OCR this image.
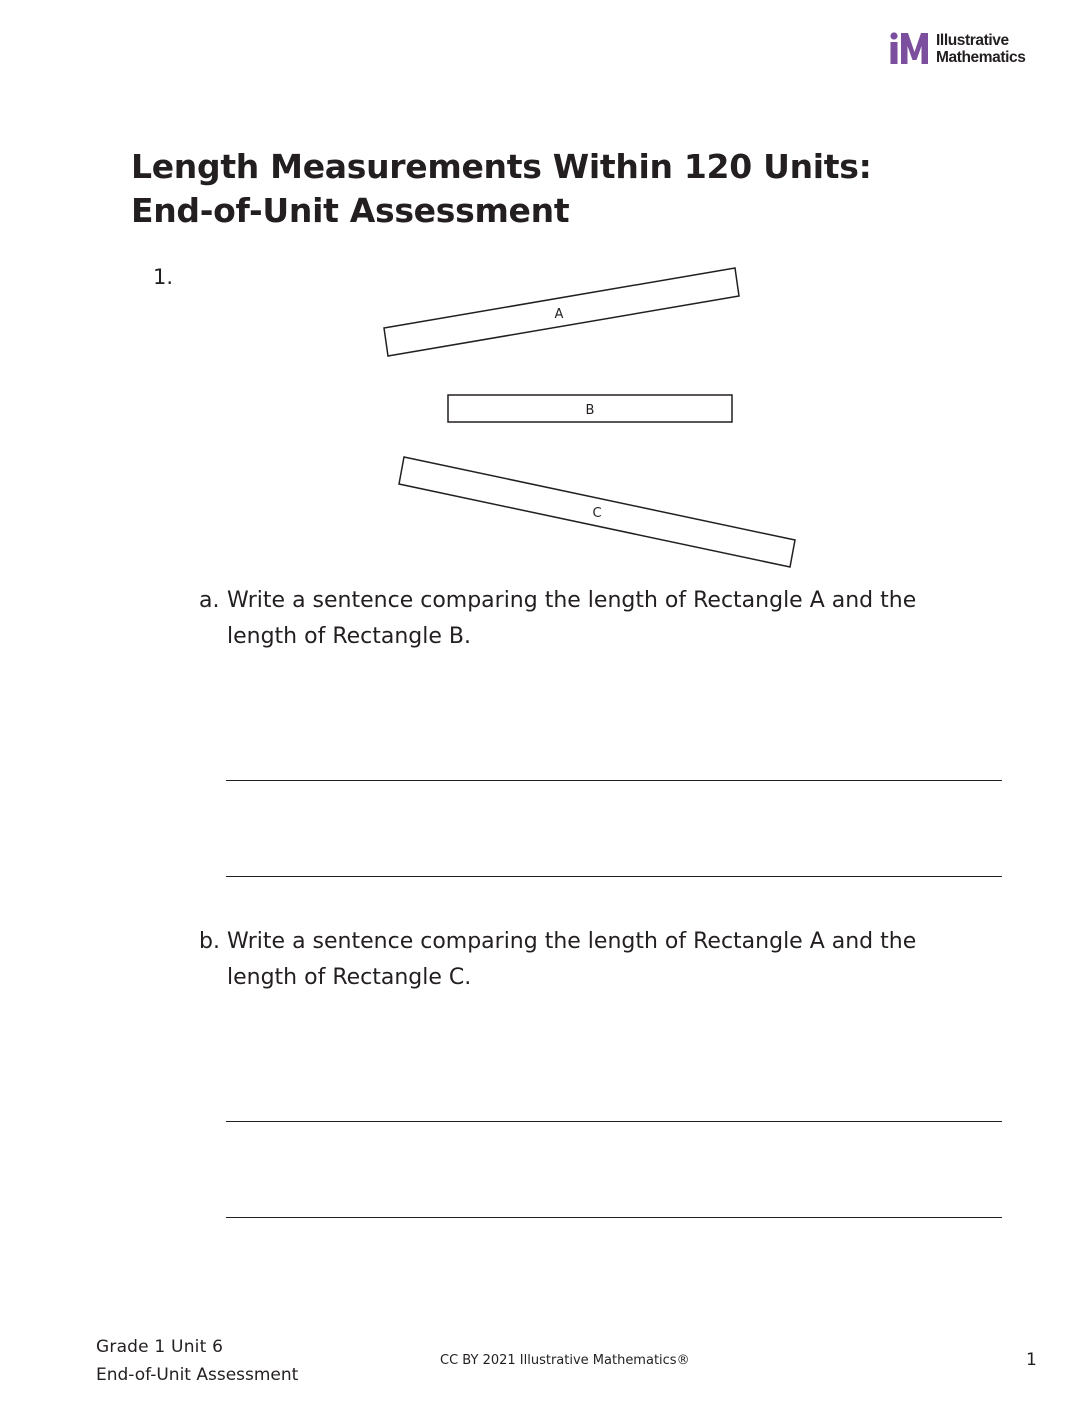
Illustrative
Mathematics
Length Measurements Within 120 Units:
End-of-Unit Assessment
1.
A
B
C
a. Write a sentence comparing the length of Rectangle A and the length of Rectangle B.
b. Write a sentence comparing the length of Rectangle A and the length of Rectangle C.
Grade 1 Unit 6
End-of-Unit Assessment
CC BY 2021 Illustrative Mathematics®	1
